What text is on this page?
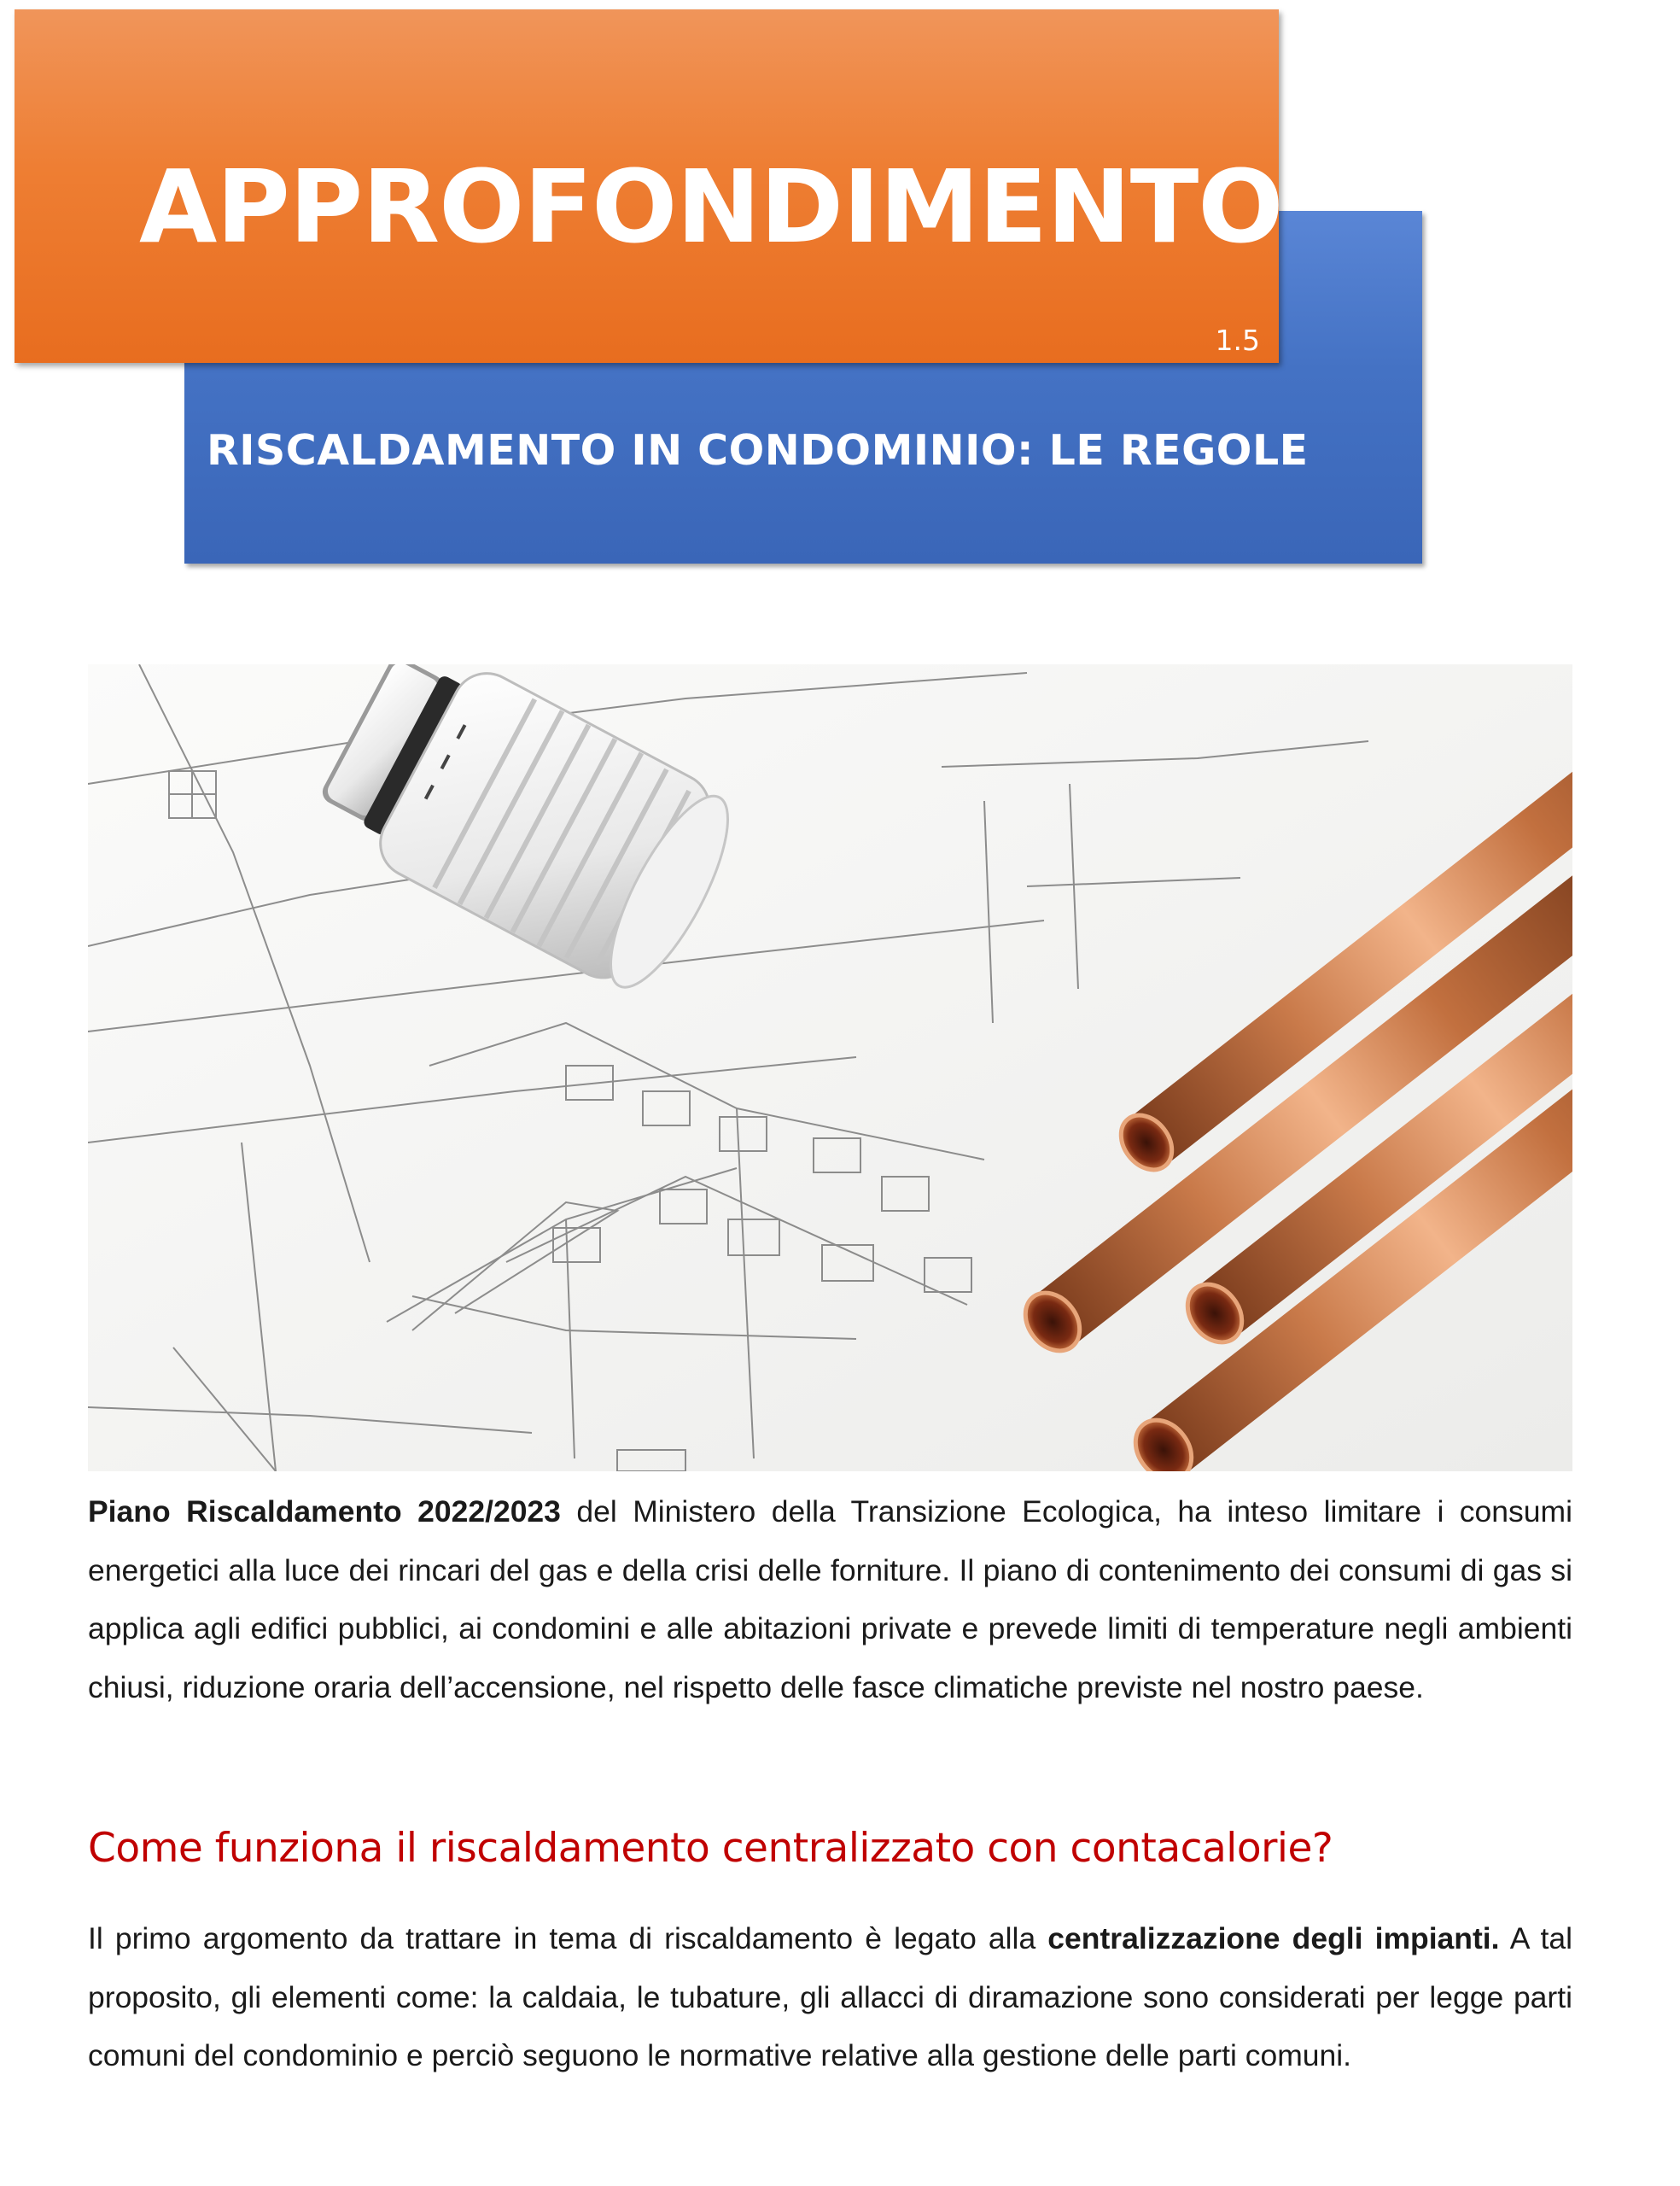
RISCALDAMENTO IN CONDOMINIO: LE REGOLE
APPROFONDIMENTO
1.5
Piano Riscaldamento 2022/2023 del Ministero della Transizione Ecologica, ha inteso limitare i consumi energetici alla luce dei rincari del gas e della crisi delle forniture. Il piano di contenimento dei consumi di gas si applica agli edifici pubblici, ai condomini e alle abitazioni private e prevede limiti di temperature negli ambienti chiusi, riduzione oraria dell’accensione, nel rispetto delle fasce climatiche previste nel nostro paese.
Come funziona il riscaldamento centralizzato con contacalorie?
Il primo argomento da trattare in tema di riscaldamento è legato alla centralizzazione degli impianti. A tal proposito, gli elementi come: la caldaia, le tubature, gli allacci di diramazione sono considerati per legge parti comuni del condominio e perciò seguono le normative relative alla gestione delle parti comuni.
